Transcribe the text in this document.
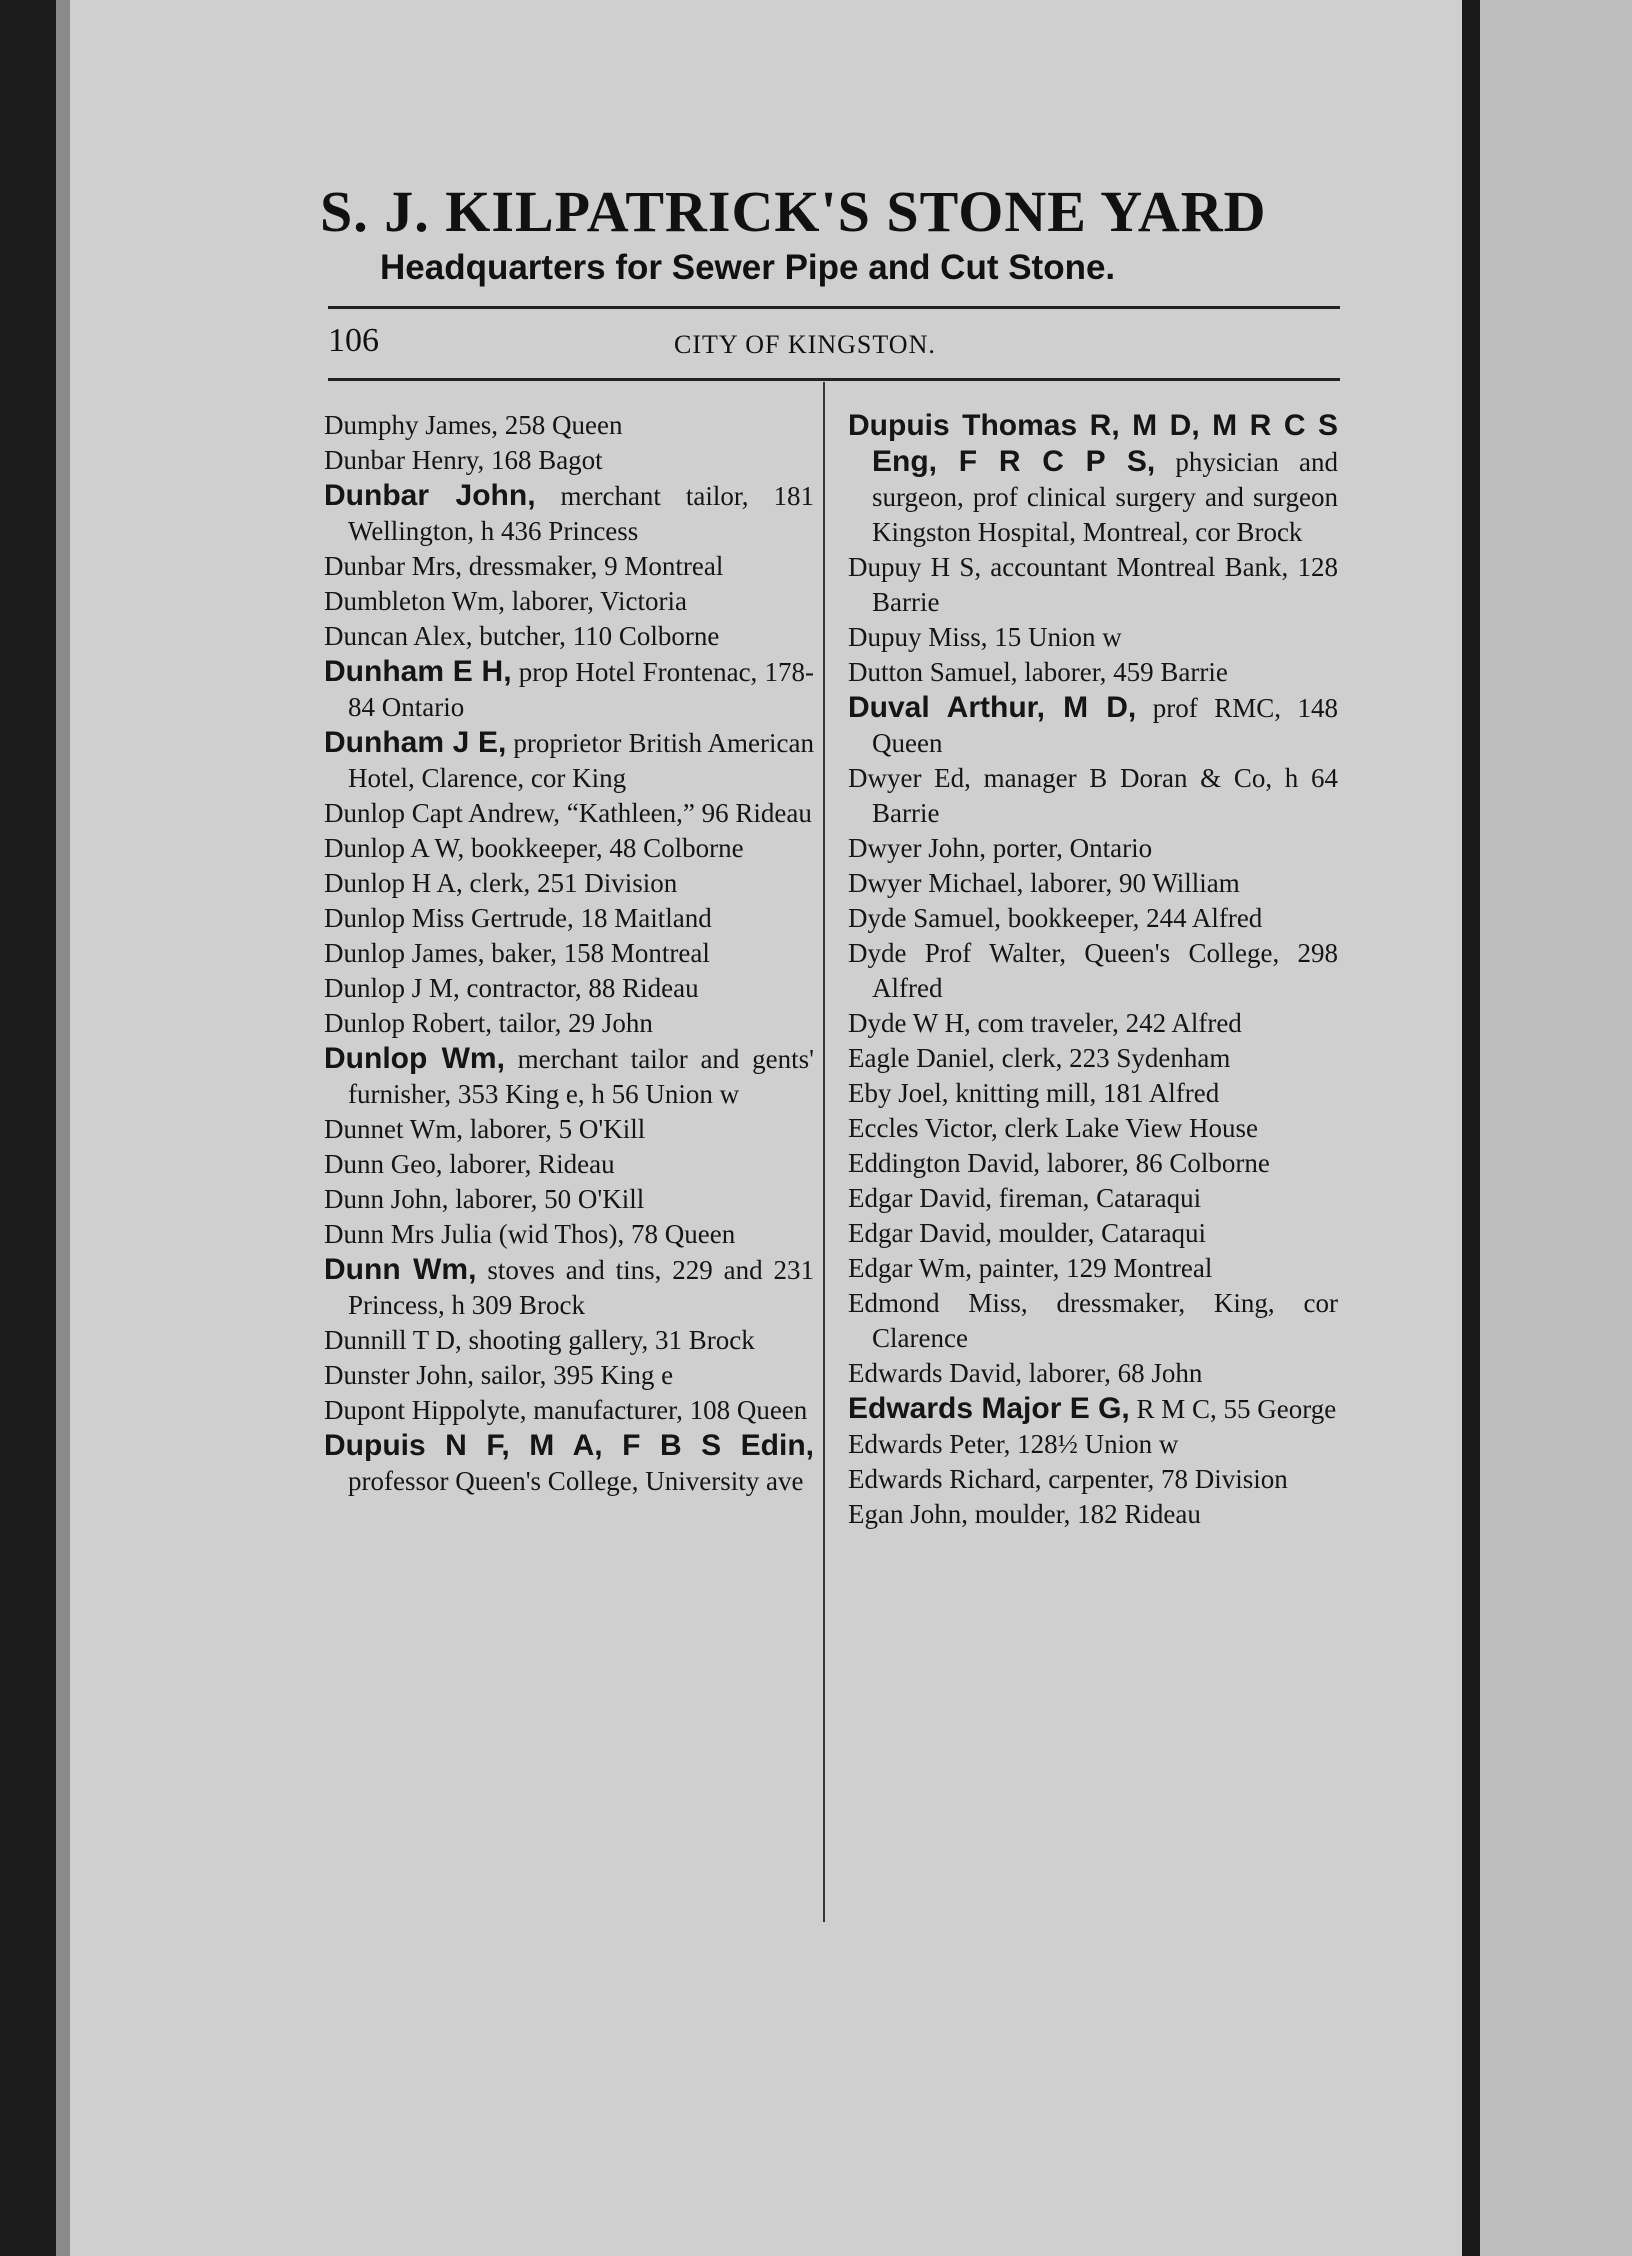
S. J. KILPATRICK'S STONE YARD
Headquarters for Sewer Pipe and Cut Stone.
106	CITY OF KINGSTON.

Dumphy James, 258 Queen

Dunbar Henry, 168 Bagot

Dunbar John, merchant tailor, 181 Wellington, h 436 Princess

Dunbar Mrs, dressmaker, 9 Montreal

Dumbleton Wm, laborer, Victoria

Duncan Alex, butcher, 110 Colborne

Dunham E H, prop Hotel Frontenac, 178-84 Ontario

Dunham J E, proprietor British American Hotel, Clarence, cor King

Dunlop Capt Andrew, “Kathleen,” 96 Rideau

Dunlop A W, bookkeeper, 48 Colborne

Dunlop H A, clerk, 251 Division

Dunlop Miss Gertrude, 18 Maitland

Dunlop James, baker, 158 Montreal

Dunlop J M, contractor, 88 Rideau

Dunlop Robert, tailor, 29 John

Dunlop Wm, merchant tailor and gents' furnisher, 353 King e, h 56 Union w

Dunnet Wm, laborer, 5 O'Kill

Dunn Geo, laborer, Rideau

Dunn John, laborer, 50 O'Kill

Dunn Mrs Julia (wid Thos), 78 Queen

Dunn Wm, stoves and tins, 229 and 231 Princess, h 309 Brock

Dunnill T D, shooting gallery, 31 Brock

Dunster John, sailor, 395 King e

Dupont Hippolyte, manufacturer, 108 Queen

Dupuis N F, M A, F B S Edin, professor Queen's College, University ave

Dupuis Thomas R, M D, M R C S Eng, F R C P S, physician and surgeon, prof clinical surgery and surgeon Kingston Hospital, Montreal, cor Brock

Dupuy H S, accountant Montreal Bank, 128 Barrie

Dupuy Miss, 15 Union w

Dutton Samuel, laborer, 459 Barrie

Duval Arthur, M D, prof RMC, 148 Queen

Dwyer Ed, manager B Doran & Co, h 64 Barrie

Dwyer John, porter, Ontario

Dwyer Michael, laborer, 90 William

Dyde Samuel, bookkeeper, 244 Alfred

Dyde Prof Walter, Queen's College, 298 Alfred

Dyde W H, com traveler, 242 Alfred

Eagle Daniel, clerk, 223 Sydenham

Eby Joel, knitting mill, 181 Alfred

Eccles Victor, clerk Lake View House

Eddington David, laborer, 86 Colborne

Edgar David, fireman, Cataraqui

Edgar David, moulder, Cataraqui

Edgar Wm, painter, 129 Montreal

Edmond Miss, dressmaker, King, cor Clarence

Edwards David, laborer, 68 John

Edwards Major E G, R M C, 55 George

Edwards Peter, 128½ Union w

Edwards Richard, carpenter, 78 Division

Egan John, moulder, 182 Rideau
